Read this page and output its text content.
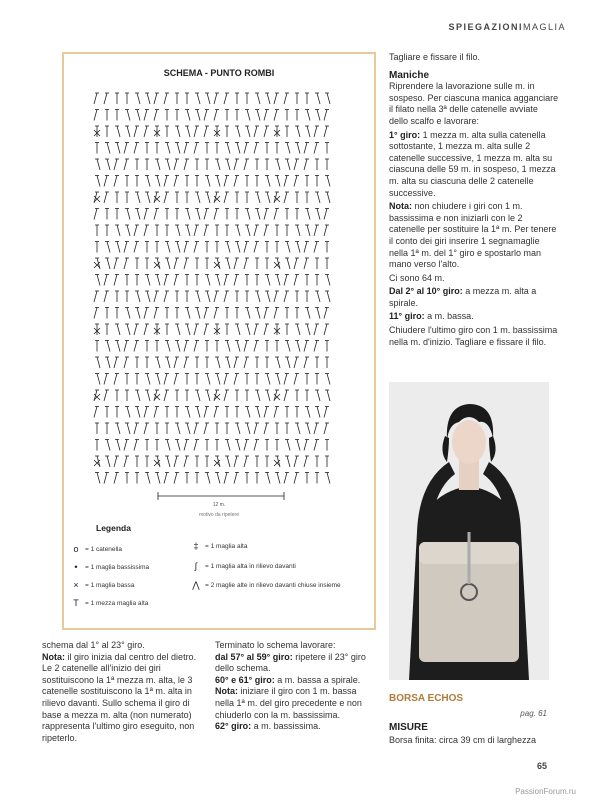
SPIEGAZIONIMAGLIA
SCHEMA - PUNTO ROMBI
12 m.
motivo da ripetere
Legenda
o	= 1 catenella
•	= 1 maglia bassissima
× = 1 maglia bassa
T = 1 mezza maglia alta
‡	= 1 maglia alta
∫	= 1 maglia alta in rilievo davanti
⋀ = 2 maglie alte in rilievo davanti chiuse insieme

Tagliare e fissare il filo.

Maniche

Riprendere la lavorazione sulle m. in sospeso. Per ciascuna manica agganciare il filato nella 3ª delle catenelle avviate dello scalfo e lavorare:

1° giro: 1 mezza m. alta sulla catenella sottostante, 1 mezza m. alta sulle 2 catenelle successive, 1 mezza m. alta su ciascuna delle 59 m. in sospeso, 1 mezza m. alta su ciascuna delle 2 catenelle successive.

Nota: non chiudere i giri con 1 m. bassissima e non iniziarli con le 2 catenelle per sostituire la 1ª m. Per tenere il conto dei giri inserire 1 segnamaglie nella 1ª m. del 1° giro e spostarlo man mano verso l'alto.

Ci sono 64 m.

Dal 2° al 10° giro: a mezza m. alta a spirale.

11° giro: a m. bassa.

Chiudere l'ultimo giro con 1 m. bassissima nella m. d'inizio. Tagliare e fissare il filo.

schema dal 1° al 23° giro.

Nota: il giro inizia dal centro del dietro. Le 2 catenelle all'inizio dei giri sostituiscono la 1ª mezza m. alta, le 3 catenelle sostituiscono la 1ª m. alta in rilievo davanti. Sullo schema il giro di base a mezza m. alta (non numerato) rappresenta l'ultimo giro eseguito, non ripeterlo.

Terminato lo schema lavorare:

dal 57° al 59° giro: ripetere il 23° giro dello schema.

60° e 61° giro: a m. bassa a spirale.

Nota: iniziare il giro con 1 m. bassa nella 1ª m. del giro precedente e non chiuderlo con la m. bassissima.

62° giro: a m. bassissima.

BORSA ECHOS
pag. 61
MISURE
Borsa finita: circa 39 cm di larghezza
65
PassionForum.ru
